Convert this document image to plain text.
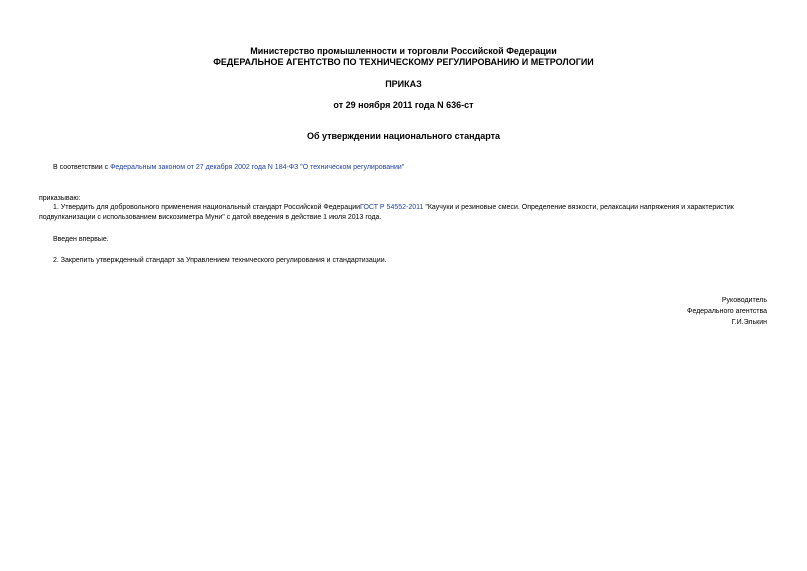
Министерство промышленности и торговли Российской Федерации
ФЕДЕРАЛЬНОЕ АГЕНТСТВО ПО ТЕХНИЧЕСКОМУ РЕГУЛИРОВАНИЮ И МЕТРОЛОГИИ
ПРИКАЗ
от 29 ноября 2011 года N 636-ст
Об утверждении национального стандарта
В соответствии с Федеральным законом от 27 декабря 2002 года N 184-ФЗ "О техническом регулировании"
приказываю:
1. Утвердить для добровольного применения национальный стандарт Российской ФедерацииГОСТ Р 54552-2011 "Каучуки и резиновые смеси. Определение вязкости, релаксации напряжения и характеристик
подвулканизации с использованием вискозиметра Муни" с датой введения в действие 1 июля 2013 года.
Введен впервые.
2. Закрепить утвержденный стандарт за Управлением технического регулирования и стандартизации.
Руководитель
Федерального агентства
Г.И.Элькин
